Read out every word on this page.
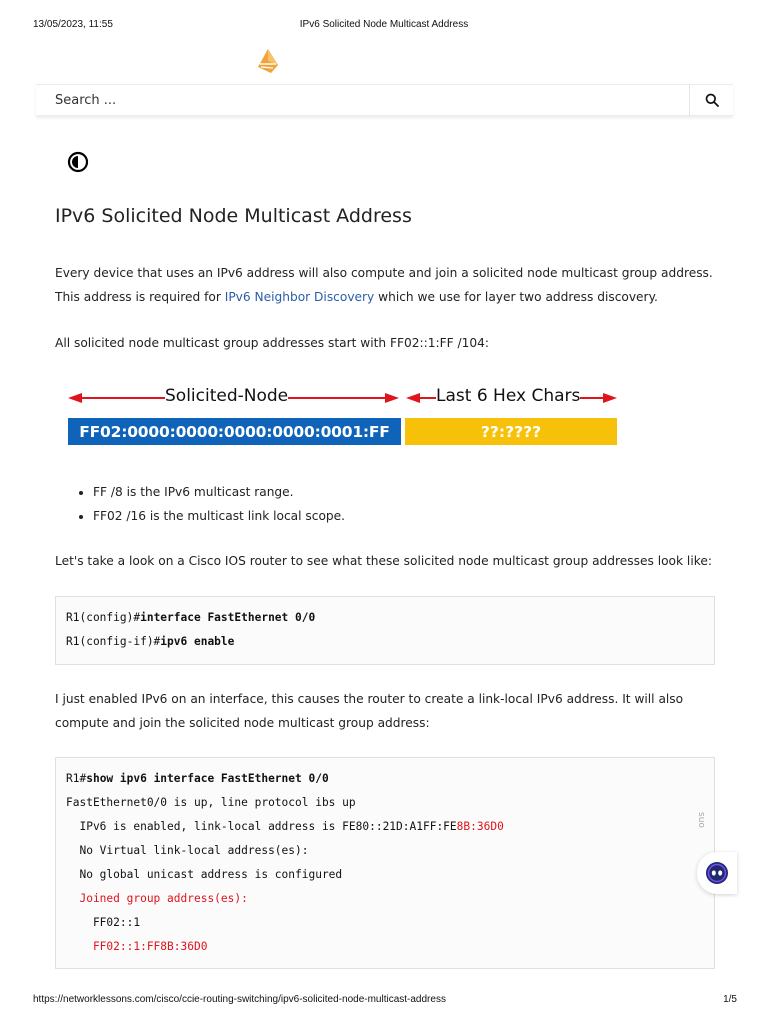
13/05/2023, 11:55	IPv6 Solicited Node Multicast Address
Search ...
IPv6 Solicited Node Multicast Address

Every device that uses an IPv6 address will also compute and join a solicited node multicast group address. This address is required for IPv6 Neighbor Discovery which we use for layer two address discovery.

All solicited node multicast group addresses start with FF02::1:FF /104:

Solicited-Node	Last 6 Hex Chars
FF02:0000:0000:0000:0000:0001:FF	??:????
• FF /8 is the IPv6 multicast range.
• FF02 /16 is the multicast link local scope.

Let's take a look on a Cisco IOS router to see what these solicited node multicast group addresses look like:

R1(config)#interface FastEthernet 0/0
R1(config-if)#ipv6 enable

I just enabled IPv6 on an interface, this causes the router to create a link-local IPv6 address. It will also compute and join the solicited node multicast group address:

R1#show ipv6 interface FastEthernet 0/0
FastEthernet0/0 is up, line protocol ibs up
IPv6 is enabled, link-local address is FE80::21D:A1FF:FE8B:36D0
No Virtual link-local address(es):
No global unicast address is configured
Joined group address(es):
FF02::1
FF02::1:FF8B:36D0
suo
https://networklessons.com/cisco/ccie-routing-switching/ipv6-solicited-node-multicast-address	1/5
